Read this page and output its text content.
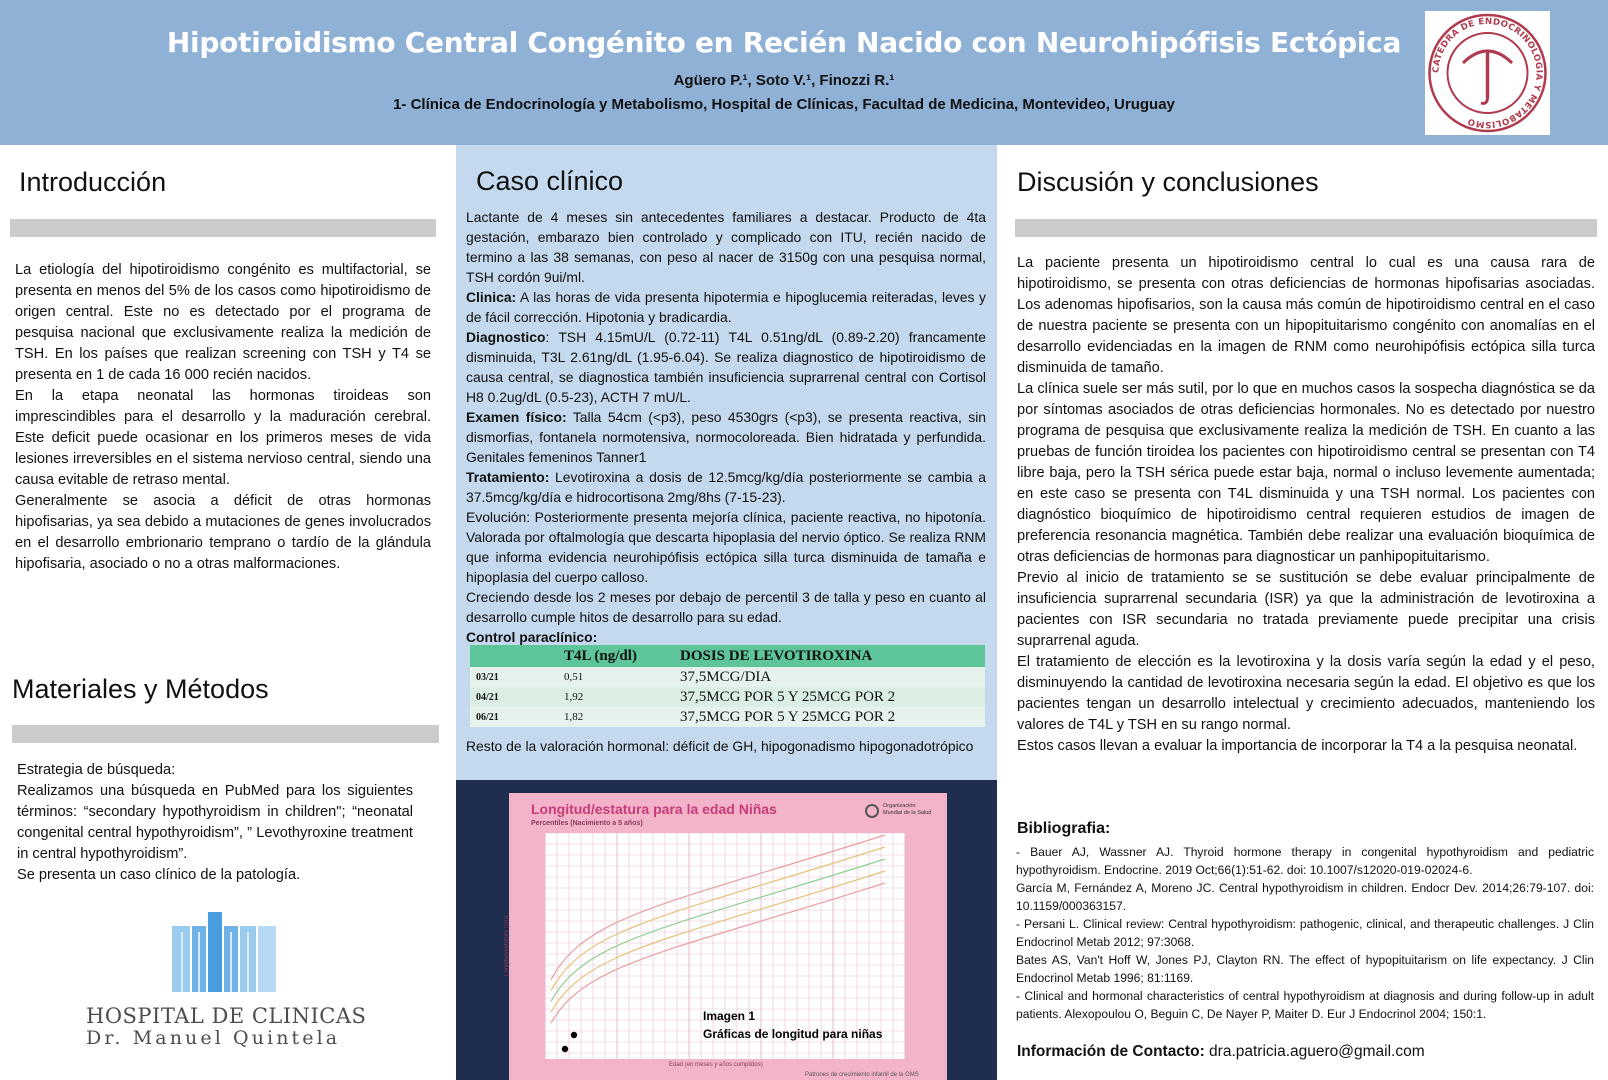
Hipotiroidismo Central Congénito en Recién Nacido con Neurohipófisis Ectópica
Agüero P.¹, Soto V.¹, Finozzi R.¹
1- Clínica de Endocrinología y Metabolismo, Hospital de Clínicas, Facultad de Medicina, Montevideo, Uruguay
CATEDRA DE ENDOCRINOLOGIA Y METABOLISMO
Introducción

La etiología del hipotiroidismo congénito es multifactorial, se presenta en menos del 5% de los casos como hipotiroidismo de origen central. Este no es detectado por el programa de pesquisa nacional que exclusivamente realiza la medición de TSH. En los países que realizan screening con TSH y T4 se presenta en 1 de cada 16 000 recién nacidos.

En la etapa neonatal las hormonas tiroideas son imprescindibles para el desarrollo y la maduración cerebral. Este deficit puede ocasionar en los primeros meses de vida lesiones irreversibles en el sistema nervioso central, siendo una causa evitable de retraso mental.

Generalmente se asocia a déficit de otras hormonas hipofisarias, ya sea debido a mutaciones de genes involucrados en el desarrollo embrionario temprano o tardío de la glándula hipofisaria, asociado o no a otras malformaciones.

Materiales y Métodos

Estrategia de búsqueda:

Realizamos una búsqueda en PubMed para los siguientes términos: “secondary hypothyroidism in children"; “neonatal congenital central hypothyroidism”, ” Levothyroxine treatment in central hypothyroidism”.

Se presenta un caso clínico de la patología.

HOSPITAL DE CLINICAS
Dr. Manuel Quintela
Caso clínico

Lactante de 4 meses sin antecedentes familiares a destacar. Producto de 4ta gestación, embarazo bien controlado y complicado con ITU, recién nacido de termino a las 38 semanas, con peso al nacer de 3150g con una pesquisa normal, TSH cordón 9ui/ml.

Clinica: A las horas de vida presenta hipotermia e hipoglucemia reiteradas, leves y de fácil corrección. Hipotonia y bradicardia.

Diagnostico: TSH 4.15mU/L (0.72-11) T4L 0.51ng/dL (0.89-2.20) francamente disminuida, T3L 2.61ng/dL (1.95-6.04). Se realiza diagnostico de hipotiroidismo de causa central, se diagnostica también insuficiencia suprarrenal central con Cortisol H8 0.2ug/dL (0.5-23), ACTH 7 mU/L.

Examen físico: Talla 54cm (<p3), peso 4530grs (<p3), se presenta reactiva, sin dismorfias, fontanela normotensiva, normocoloreada. Bien hidratada y perfundida. Genitales femeninos Tanner1

Tratamiento: Levotiroxina a dosis de 12.5mcg/kg/día posteriormente se cambia a 37.5mcg/kg/día e hidrocortisona 2mg/8hs (7-15-23).

Evolución: Posteriormente presenta mejoría clínica, paciente reactiva, no hipotonía. Valorada por oftalmología que descarta hipoplasia del nervio óptico. Se realiza RNM que informa evidencia neurohipófisis ectópica silla turca disminuida de tamaña e hipoplasia del cuerpo calloso.

Creciendo desde los 2 meses por debajo de percentil 3 de talla y peso en cuanto al desarrollo cumple hitos de desarrollo para su edad.

Control paraclínico:

	T4L (ng/dl)	DOSIS DE LEVOTIROXINA
03/21	0,51	37,5MCG/DIA
04/21	1,92	37,5MCG POR 5 Y 25MCG POR 2
06/21	1,82	37,5MCG POR 5 Y 25MCG POR 2
Resto de la valoración hormonal: déficit de GH, hipogonadismo hipogonadotrópico
Longitud/estatura para la edad Niñas
Percentiles (Nacimiento a 5 años)
Organización Mundial de la Salud
Imagen 1
Gráficas de longitud para niñas
Longitud/estatura (cm)
Edad (en meses y años cumplidos)
Patrones de crecimiento infantil de la OMS
Discusión y conclusiones

La paciente presenta un hipotiroidismo central lo cual es una causa rara de hipotiroidismo, se presenta con otras deficiencias de hormonas hipofisarias asociadas. Los adenomas hipofisarios, son la causa más común de hipotiroidismo central en el caso de nuestra paciente se presenta con un hipopituitarismo congénito con anomalías en el desarrollo evidenciadas en la imagen de RNM como neurohipófisis ectópica silla turca disminuida de tamaño.

La clínica suele ser más sutil, por lo que en muchos casos la sospecha diagnóstica se da por síntomas asociados de otras deficiencias hormonales. No es detectado por nuestro programa de pesquisa que exclusivamente realiza la medición de TSH. En cuanto a las pruebas de función tiroidea los pacientes con hipotiroidismo central se presentan con T4 libre baja, pero la TSH sérica puede estar baja, normal o incluso levemente aumentada; en este caso se presenta con T4L disminuida y una TSH normal. Los pacientes con diagnóstico bioquímico de hipotiroidismo central requieren estudios de imagen de preferencia resonancia magnética. También debe realizar una evaluación bioquímica de otras deficiencias de hormonas para diagnosticar un panhipopituitarismo.

Previo al inicio de tratamiento se se sustitución se debe evaluar principalmente de insuficiencia suprarrenal secundaria (ISR) ya que la administración de levotiroxina a pacientes con ISR secundaria no tratada previamente puede precipitar una crisis suprarrenal aguda.

El tratamiento de elección es la levotiroxina y la dosis varía según la edad y el peso, disminuyendo la cantidad de levotiroxina necesaria según la edad. El objetivo es que los pacientes tengan un desarrollo intelectual y crecimiento adecuados, manteniendo los valores de T4L y TSH en su rango normal.

Estos casos llevan a evaluar la importancia de incorporar la T4 a la pesquisa neonatal.

Bibliografia:

- Bauer AJ, Wassner AJ. Thyroid hormone therapy in congenital hypothyroidism and pediatric hypothyroidism. Endocrine. 2019 Oct;66(1):51-62. doi: 10.1007/s12020-019-02024-6.

García M, Fernández A, Moreno JC. Central hypothyroidism in children. Endocr Dev. 2014;26:79-107. doi: 10.1159/000363157.

- Persani L. Clinical review: Central hypothyroidism: pathogenic, clinical, and therapeutic challenges. J Clin Endocrinol Metab 2012; 97:3068.

Bates AS, Van't Hoff W, Jones PJ, Clayton RN. The effect of hypopituitarism on life expectancy. J Clin Endocrinol Metab 1996; 81:1169.

- Clinical and hormonal characteristics of central hypothyroidism at diagnosis and during follow-up in adult patients. Alexopoulou O, Beguin C, De Nayer P, Maiter D. Eur J Endocrinol 2004; 150:1.

Información de Contacto: dra.patricia.aguero@gmail.com
